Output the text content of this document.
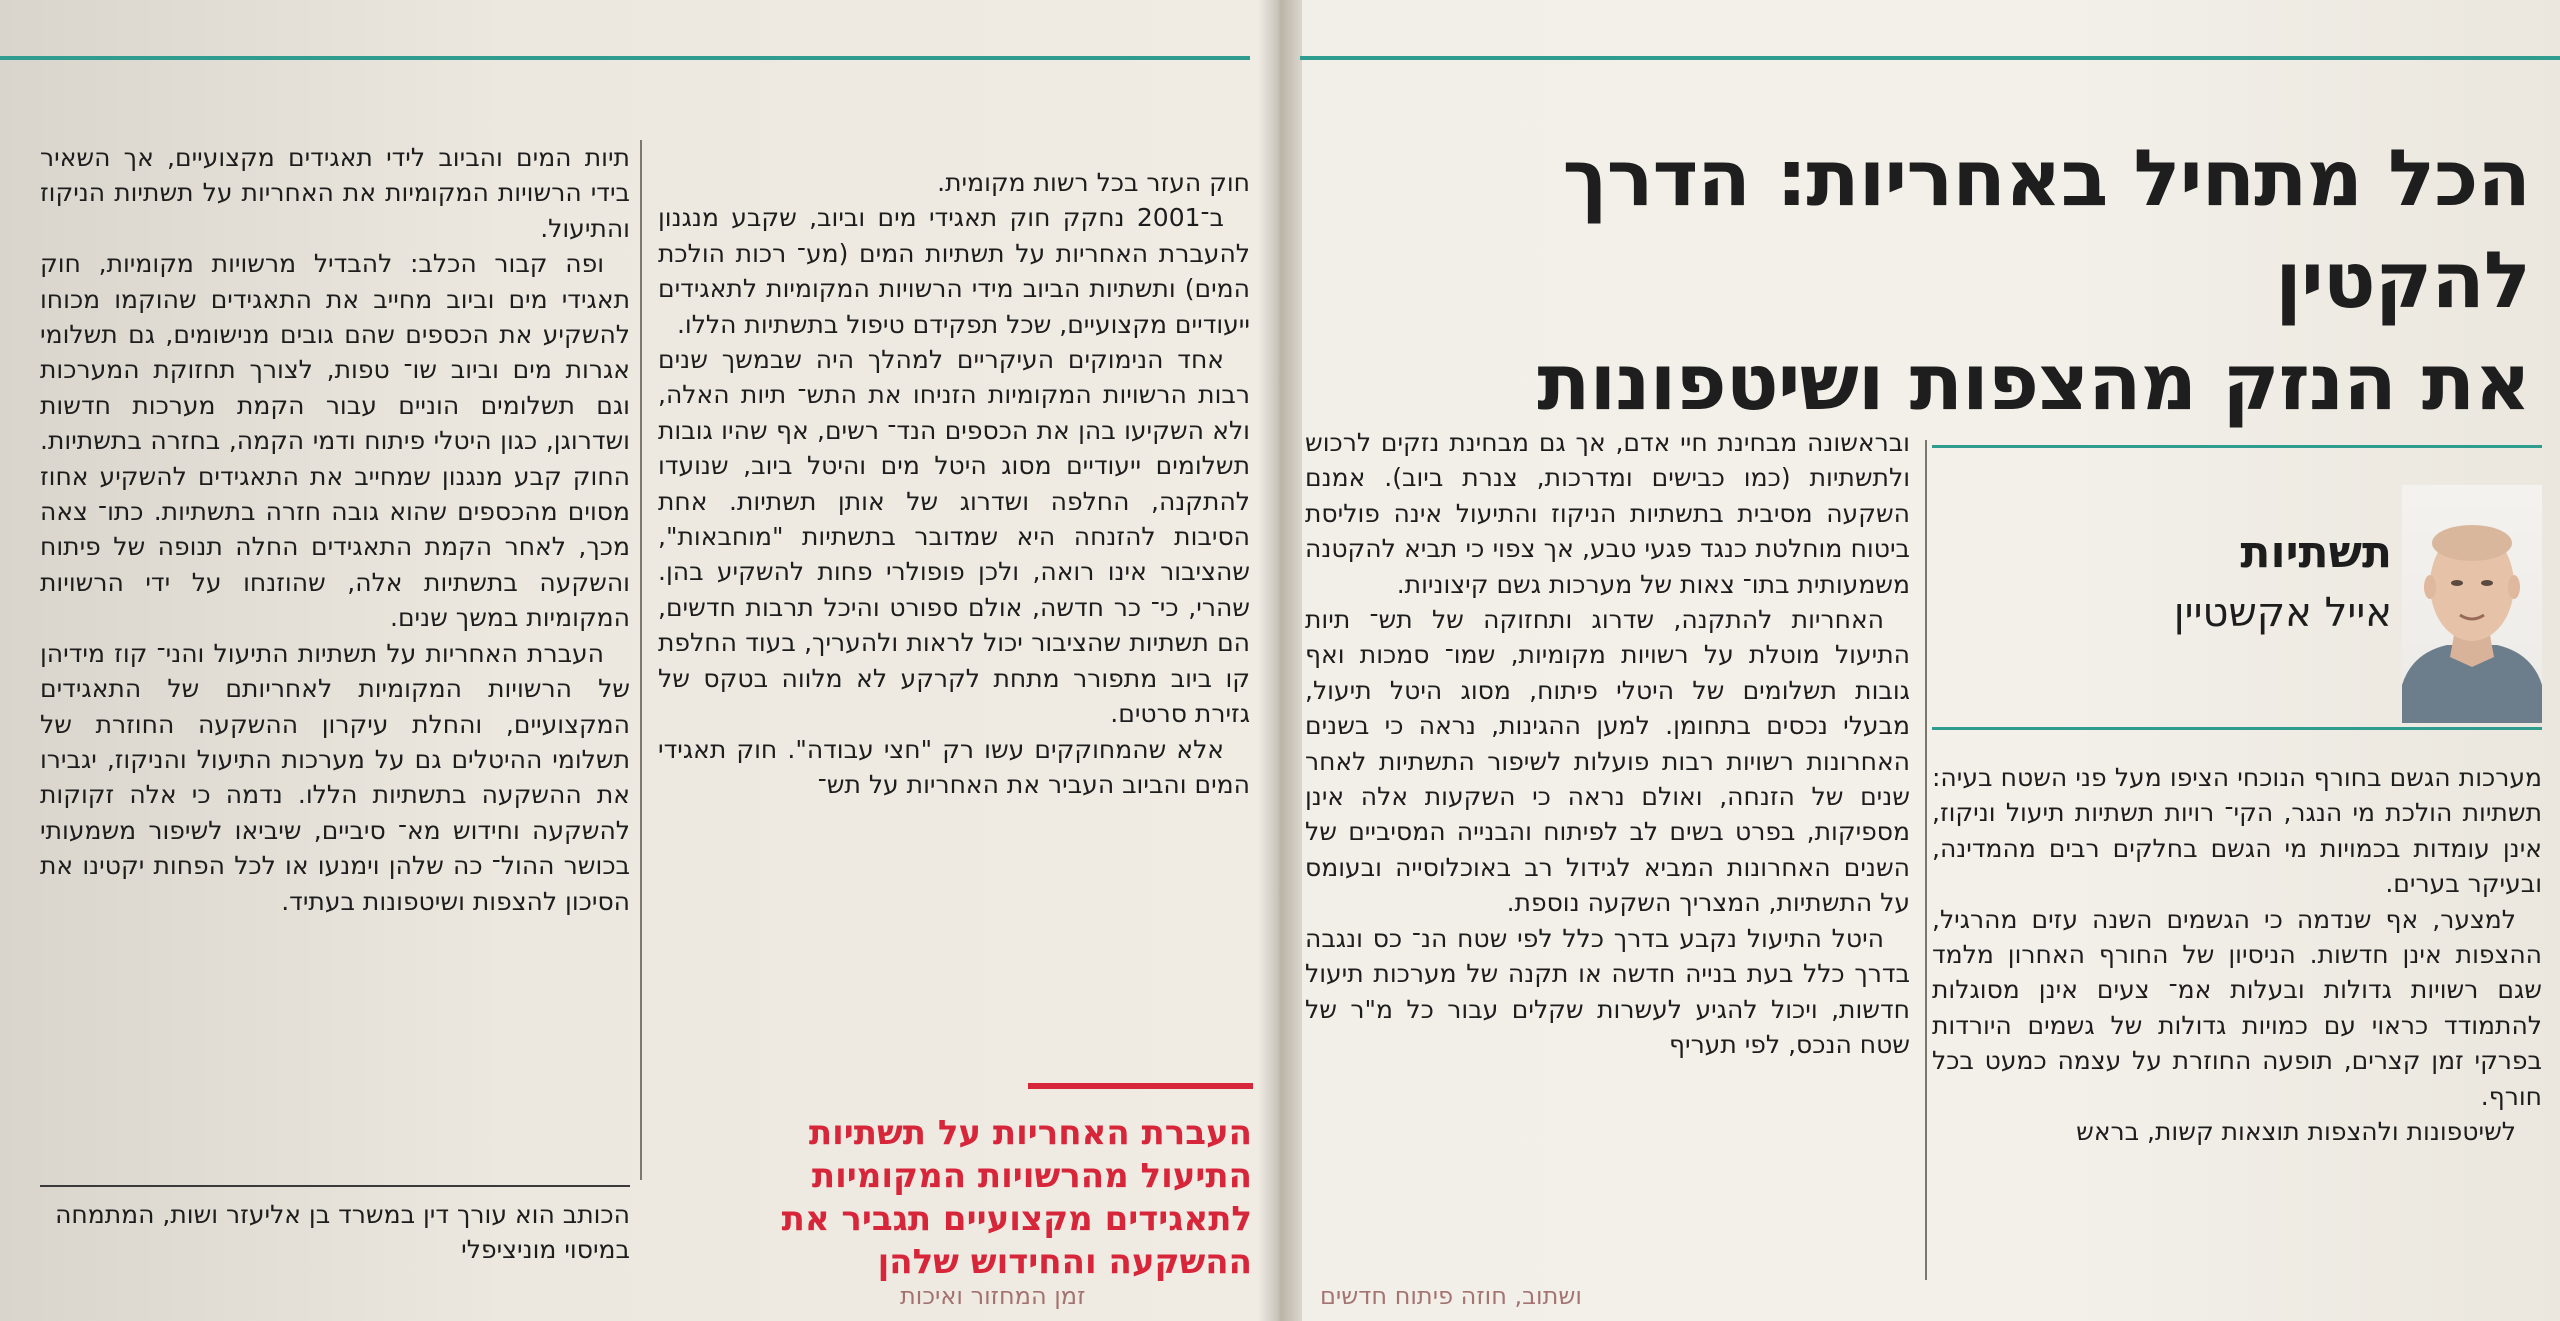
הכל מתחיל באחריות: הדרך להקטין
את הנזק מהצפות ושיטפונות
תשתיות
אייל אקשטיין

מערכות הגשם בחורף הנוכחי הציפו מעל פני השטח בעיה: תשתיות הולכת מי הנגר, הקי־ רויות תשתיות תיעול וניקוז, אינן עומדות בכמויות מי הגשם בחלקים רבים מהמדינה, ובעיקר בערים.

למצער, אף שנדמה כי הגשמים השנה עזים מהרגיל, ההצפות אינן חדשות. הניסיון של החורף האחרון מלמד שגם רשויות גדולות ובעלות אמ־ צעים אינן מסוגלות להתמודד כראוי עם כמויות גדולות של גשמים היורדות בפרקי זמן קצרים, תופעה החוזרת על עצמה כמעט בכל חורף.

לשיטפונות ולהצפות תוצאות קשות, בראש

ובראשונה מבחינת חיי אדם, אך גם מבחינת נזקים לרכוש ולתשתיות (כמו כבישים ומדרכות, צנרת ביוב). אמנם השקעה מסיבית בתשתיות הניקוז והתיעול אינה פוליסת ביטוח מוחלטת כנגד פגעי טבע, אך צפוי כי תביא להקטנה משמעותית בתו־ צאות של מערכות גשם קיצוניות.

האחריות להתקנה, שדרוג ותחזוקה של תש־ תיות התיעול מוטלת על רשויות מקומיות, שמו־ סמכות ואף גובות תשלומים של היטלי פיתוח, מסוג היטל תיעול, מבעלי נכסים בתחומן. למען ההגינות, נראה כי בשנים האחרונות רשויות רבות פועלות לשיפור התשתיות לאחר שנים של הזנחה, ואולם נראה כי השקעות אלה אינן מספיקות, בפרט בשים לב לפיתוח והבנייה המסיביים של השנים האחרונות המביא לגידול רב באוכלוסייה ובעומס על התשתיות, המצריך השקעה נוספת.

היטל התיעול נקבע בדרך כלל לפי שטח הנ־ כס ונגבה בדרך כלל בעת בנייה חדשה או תקנה של מערכות תיעול חדשות, ויכול להגיע לעשרות שקלים עבור כל מ"ר של שטח הנכס, לפי תעריף

ושתוב, חוזה פיתוח חדשים

חוק העזר בכל רשות מקומית.

ב־2001 נחקק חוק תאגידי מים וביוב, שקבע מנגנון להעברת האחריות על תשתיות המים (מע־ רכות הולכת המים) ותשתיות הביוב מידי הרשויות המקומיות לתאגידים ייעודיים מקצועיים, שכל תפקידם טיפול בתשתיות הללו.

אחד הנימוקים העיקריים למהלך היה שבמשך שנים רבות הרשויות המקומיות הזניחו את התש־ תיות האלה, ולא השקיעו בהן את הכספים הנד־ רשים, אף שהיו גובות תשלומים ייעודיים מסוג היטל מים והיטל ביוב, שנועדו להתקנה, החלפה ושדרוג של אותן תשתיות. אחת הסיבות להזנחה היא שמדובר בתשתיות "מוחבאות", שהציבור אינו רואה, ולכן פופולרי פחות להשקיע בהן. שהרי, כי־ כר חדשה, אולם ספורט והיכל תרבות חדשים, הם תשתיות שהציבור יכול לראות ולהעריך, בעוד החלפת קו ביוב מתפורר מתחת לקרקע לא מלווה בטקס של גזירת סרטים.

אלא שהמחוקקים עשו רק "חצי עבודה". חוק תאגידי המים והביוב העביר את האחריות על תש־

העברת האחריות על תשתיות התיעול מהרשויות המקומיות לתאגידים מקצועיים תגביר את ההשקעה והחידוש שלהן

תיות המים והביוב לידי תאגידים מקצועיים, אך השאיר בידי הרשויות המקומיות את האחריות על תשתיות הניקוז והתיעול.

ופה קבור הכלב: להבדיל מרשויות מקומיות, חוק תאגידי מים וביוב מחייב את התאגידים שהוקמו מכוחו להשקיע את הכספים שהם גובים מנישומים, גם תשלומי אגרות מים וביוב שו־ טפות, לצורך תחזוקת המערכות וגם תשלומים הוניים עבור הקמת מערכות חדשות ושדרוגן, כגון היטלי פיתוח ודמי הקמה, בחזרה בתשתיות. החוק קבע מנגנון שמחייב את התאגידים להשקיע אחוז מסוים מהכספים שהוא גובה חזרה בתשתיות. כתו־ צאה מכך, לאחר הקמת התאגידים החלה תנופה של פיתוח והשקעה בתשתיות אלה, שהוזנחו על ידי הרשויות המקומיות במשך שנים.

העברת האחריות על תשתיות התיעול והני־ קוז מידיהן של הרשויות המקומיות לאחריותם של התאגידים המקצועיים, והחלת עיקרון ההשקעה החוזרת של תשלומי ההיטלים גם על מערכות התיעול והניקוז, יגבירו את ההשקעה בתשתיות הללו. נדמה כי אלה זקוקות להשקעה וחידוש מא־ סיביים, שיביאו לשיפור משמעותי בכושר ההול־ כה שלהן וימנעו או לכל הפחות יקטינו את הסיכון להצפות ושיטפונות בעתיד.

הכותב הוא עורך דין במשרד בן אליעזר ושות, המתמחה במיסוי מוניציפלי
זמן המחזור ואיכות
